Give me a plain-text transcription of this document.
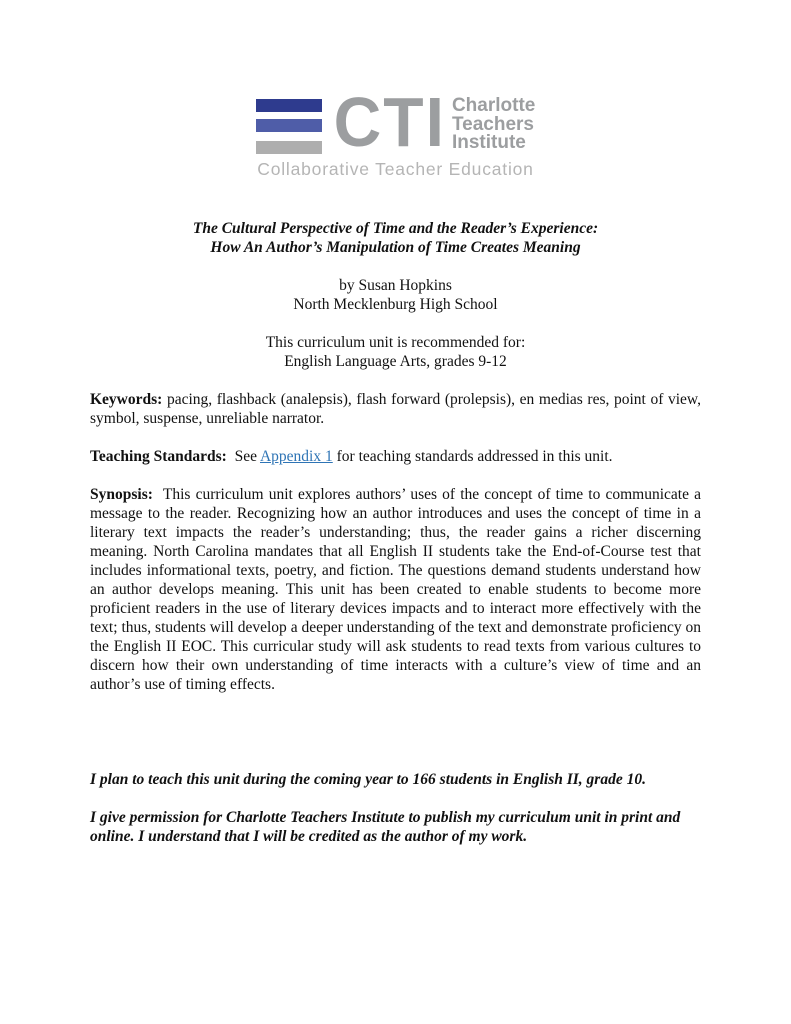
CTI Charlotte
Teachers
Institute
Collaborative Teacher Education
The Cultural Perspective of Time and the Reader’s Experience:
How An Author’s Manipulation of Time Creates Meaning
by Susan Hopkins
North Mecklenburg High School
This curriculum unit is recommended for:
English Language Arts, grades 9-12

Keywords: pacing, flashback (analepsis), flash forward (prolepsis), en medias res, point of view, symbol, suspense, unreliable narrator.

Teaching Standards:  See Appendix 1 for teaching standards addressed in this unit.

Synopsis:  This curriculum unit explores authors’ uses of the concept of time to communicate a message to the reader. Recognizing how an author introduces and uses the concept of time in a literary text impacts the reader’s understanding; thus, the reader gains a richer discerning meaning. North Carolina mandates that all English II students take the End-of-Course test that includes informational texts, poetry, and fiction. The questions demand students understand how an author develops meaning. This unit has been created to enable students to become more proficient readers in the use of literary devices impacts and to interact more effectively with the text; thus, students will develop a deeper understanding of the text and demonstrate proficiency on the English II EOC. This curricular study will ask students to read texts from various cultures to discern how their own understanding of time interacts with a culture’s view of time and an author’s use of timing effects.

I plan to teach this unit during the coming year to 166 students in English II, grade 10.

I give permission for Charlotte Teachers Institute to publish my curriculum unit in print and online. I understand that I will be credited as the author of my work.
